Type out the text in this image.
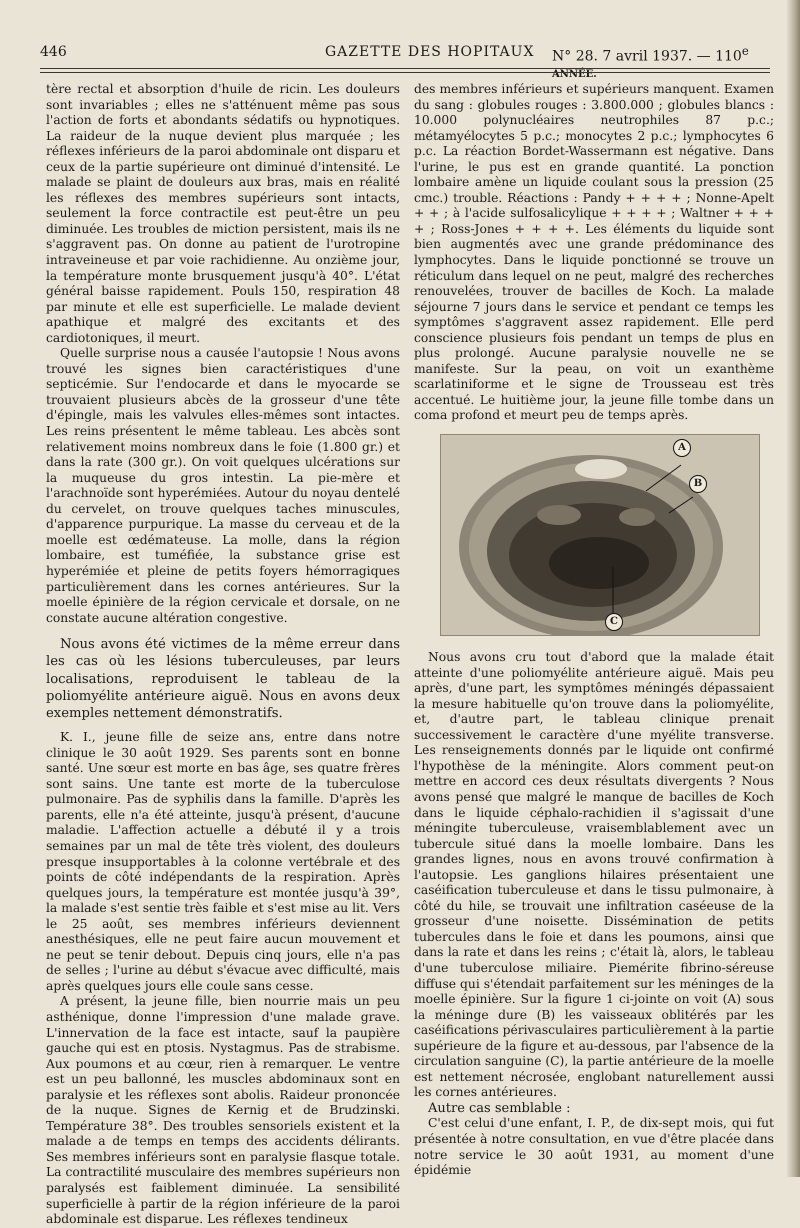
446	GAZETTE DES HOPITAUX N° 28. 7 avril 1937. — 110e ANNÉE.

tère rectal et absorption d'huile de ricin. Les douleurs sont invariables ; elles ne s'atténuent même pas sous l'action de forts et abondants sédatifs ou hypnotiques. La raideur de la nuque devient plus marquée ; les réflexes inférieurs de la paroi abdominale ont disparu et ceux de la partie supérieure ont diminué d'intensité. Le malade se plaint de douleurs aux bras, mais en réalité les réflexes des membres supérieurs sont intacts, seulement la force contractile est peut-être un peu diminuée. Les troubles de miction persistent, mais ils ne s'aggravent pas. On donne au patient de l'urotropine intraveineuse et par voie rachidienne. Au onzième jour, la température monte brusquement jusqu'à 40°. L'état général baisse rapidement. Pouls 150, respiration 48 par minute et elle est superficielle. Le malade devient apathique et malgré des excitants et des cardiotoniques, il meurt.

Quelle surprise nous a causée l'autopsie ! Nous avons trouvé les signes bien caractéristiques d'une septicémie. Sur l'endocarde et dans le myocarde se trouvaient plusieurs abcès de la grosseur d'une tête d'épingle, mais les valvules elles-mêmes sont intactes. Les reins présentent le même tableau. Les abcès sont relativement moins nombreux dans le foie (1.800 gr.) et dans la rate (300 gr.). On voit quelques ulcérations sur la muqueuse du gros intestin. La pie-mère et l'arachnoïde sont hyperémiées. Autour du noyau dentelé du cervelet, on trouve quelques taches minuscules, d'apparence purpurique. La masse du cerveau et de la moelle est œdémateuse. La molle, dans la région lombaire, est tuméfiée, la substance grise est hyperémiée et pleine de petits foyers hémorragiques particulièrement dans les cornes antérieures. Sur la moelle épinière de la région cervicale et dorsale, on ne constate aucune altération congestive.

Nous avons été victimes de la même erreur dans les cas où les lésions tuberculeuses, par leurs localisations, reproduisent le tableau de la poliomyélite antérieure aiguë. Nous en avons deux exemples nettement démonstratifs.

K. I., jeune fille de seize ans, entre dans notre clinique le 30 août 1929. Ses parents sont en bonne santé. Une sœur est morte en bas âge, ses quatre frères sont sains. Une tante est morte de la tuberculose pulmonaire. Pas de syphilis dans la famille. D'après les parents, elle n'a été atteinte, jusqu'à présent, d'aucune maladie. L'affection actuelle a débuté il y a trois semaines par un mal de tête très violent, des douleurs presque insupportables à la colonne vertébrale et des points de côté indépendants de la respiration. Après quelques jours, la température est montée jusqu'à 39°, la malade s'est sentie très faible et s'est mise au lit. Vers le 25 août, ses membres inférieurs deviennent anesthésiques, elle ne peut faire aucun mouvement et ne peut se tenir debout. Depuis cinq jours, elle n'a pas de selles ; l'urine au début s'évacue avec difficulté, mais après quelques jours elle coule sans cesse.

A présent, la jeune fille, bien nourrie mais un peu asthénique, donne l'impression d'une malade grave. L'innervation de la face est intacte, sauf la paupière gauche qui est en ptosis. Nystagmus. Pas de strabisme. Aux poumons et au cœur, rien à remarquer. Le ventre est un peu ballonné, les muscles abdominaux sont en paralysie et les réflexes sont abolis. Raideur prononcée de la nuque. Signes de Kernig et de Brudzinski. Température 38°. Des troubles sensoriels existent et la malade a de temps en temps des accidents délirants. Ses membres inférieurs sont en paralysie flasque totale. La contractilité musculaire des membres supérieurs non paralysés est faiblement diminuée. La sensibilité superficielle à partir de la région inférieure de la paroi abdominale est disparue. Les réflexes tendineux

des membres inférieurs et supérieurs manquent. Examen du sang : globules rouges : 3.800.000 ; globules blancs : 10.000 polynucléaires neutrophiles 87 p.c.; métamyélocytes 5 p.c.; monocytes 2 p.c.; lymphocytes 6 p.c. La réaction Bordet-Wassermann est négative. Dans l'urine, le pus est en grande quantité. La ponction lombaire amène un liquide coulant sous la pression (25 cmc.) trouble. Réactions : Pandy + + + + ; Nonne-Apelt + + ; à l'acide sulfosalicylique + + + + ; Waltner + + + + ; Ross-Jones + + + +. Les éléments du liquide sont bien augmentés avec une grande prédominance des lymphocytes. Dans le liquide ponctionné se trouve un réticulum dans lequel on ne peut, malgré des recherches renouvelées, trouver de bacilles de Koch. La malade séjourne 7 jours dans le service et pendant ce temps les symptômes s'aggravent assez rapidement. Elle perd conscience plusieurs fois pendant un temps de plus en plus prolongé. Aucune paralysie nouvelle ne se manifeste. Sur la peau, on voit un exanthème scarlatiniforme et le signe de Trousseau est très accentué. Le huitième jour, la jeune fille tombe dans un coma profond et meurt peu de temps après.

A
B
C

Nous avons cru tout d'abord que la malade était atteinte d'une poliomyélite antérieure aiguë. Mais peu après, d'une part, les symptômes méningés dépassaient la mesure habituelle qu'on trouve dans la poliomyélite, et, d'autre part, le tableau clinique prenait successivement le caractère d'une myélite transverse. Les renseignements donnés par le liquide ont confirmé l'hypothèse de la méningite. Alors comment peut-on mettre en accord ces deux résultats divergents ? Nous avons pensé que malgré le manque de bacilles de Koch dans le liquide céphalo-rachidien il s'agissait d'une méningite tuberculeuse, vraisemblablement avec un tubercule situé dans la moelle lombaire. Dans les grandes lignes, nous en avons trouvé confirmation à l'autopsie. Les ganglions hilaires présentaient une caséification tuberculeuse et dans le tissu pulmonaire, à côté du hile, se trouvait une infiltration caséeuse de la grosseur d'une noisette. Dissémination de petits tubercules dans le foie et dans les poumons, ainsi que dans la rate et dans les reins ; c'était là, alors, le tableau d'une tuberculose miliaire. Piemérite fibrino-séreuse diffuse qui s'étendait parfaitement sur les méninges de la moelle épinière. Sur la figure 1 ci-jointe on voit (A) sous la méninge dure (B) les vaisseaux oblitérés par les caséifications périvasculaires particulièrement à la partie supérieure de la figure et au-dessous, par l'absence de la circulation sanguine (C), la partie antérieure de la moelle est nettement nécrosée, englobant naturellement aussi les cornes antérieures.

Autre cas semblable :

C'est celui d'une enfant, I. P., de dix-sept mois, qui fut présentée à notre consultation, en vue d'être placée dans notre service le 30 août 1931, au moment d'une épidémie
